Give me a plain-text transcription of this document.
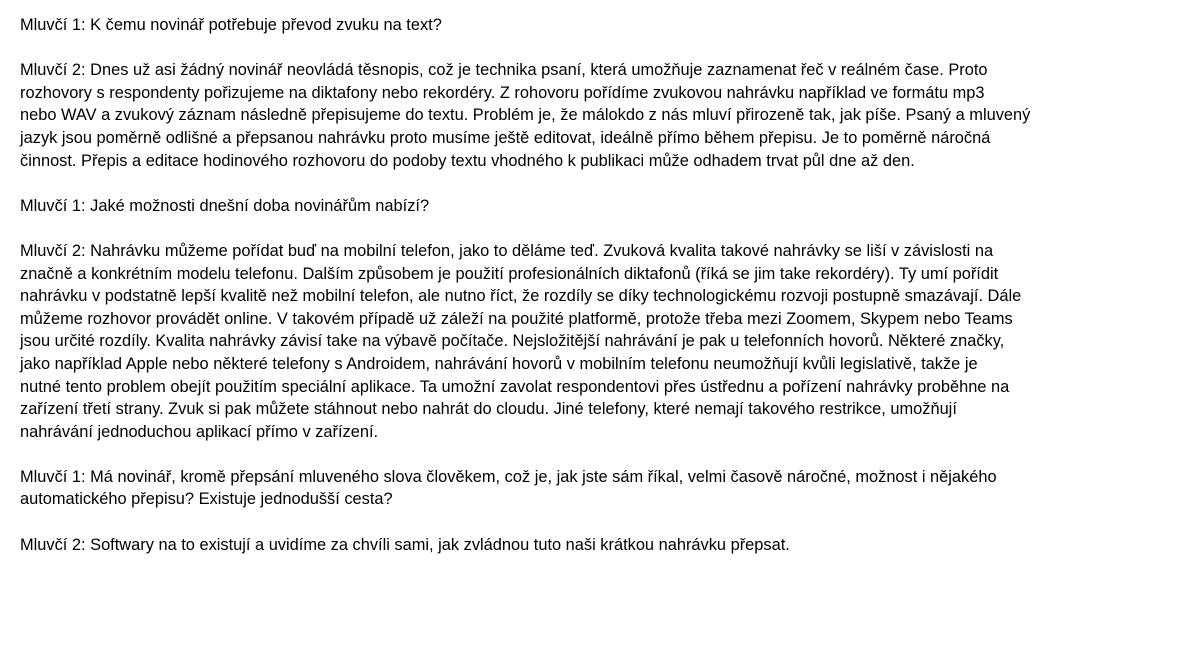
Mluvčí 1: K čemu novinář potřebuje převod zvuku na text?

Mluvčí 2: Dnes už asi žádný novinář neovládá těsnopis, což je technika psaní, která umožňuje zaznamenat řeč v reálném čase. Proto
rozhovory s respondenty pořizujeme na diktafony nebo rekordéry. Z rohovoru pořídíme zvukovou nahrávku například ve formátu mp3
nebo WAV a zvukový záznam následně přepisujeme do textu. Problém je, že málokdo z nás mluví přirozeně tak, jak píše. Psaný a mluvený
jazyk jsou poměrně odlišné a přepsanou nahrávku proto musíme ještě editovat, ideálně přímo během přepisu. Je to poměrně náročná
činnost. Přepis a editace hodinového rozhovoru do podoby textu vhodného k publikaci může odhadem trvat půl dne až den.

Mluvčí 1: Jaké možnosti dnešní doba novinářům nabízí?

Mluvčí 2: Nahrávku můžeme pořídat buď na mobilní telefon, jako to děláme teď. Zvuková kvalita takové nahrávky se liší v závislosti na
značně a konkrétním modelu telefonu. Dalším způsobem je použití profesionálních diktafonů (říká se jim take rekordéry). Ty umí pořídit
nahrávku v podstatně lepší kvalitě než mobilní telefon, ale nutno říct, že rozdíly se díky technologickému rozvoji postupně smazávají. Dále
můžeme rozhovor provádět online. V takovém případě už záleží na použité platformě, protože třeba mezi Zoomem, Skypem nebo Teams
jsou určité rozdíly. Kvalita nahrávky závisí take na výbavě počítače. Nejsložitější nahrávání je pak u telefonních hovorů. Některé značky,
jako například Apple nebo některé telefony s Androidem, nahrávání hovorů v mobilním telefonu neumožňují kvůli legislativě, takže je
nutné tento problem obejít použitím speciální aplikace. Ta umožní zavolat respondentovi přes ústřednu a pořízení nahrávky proběhne na
zařízení třetí strany. Zvuk si pak můžete stáhnout nebo nahrát do cloudu. Jiné telefony, které nemají takového restrikce, umožňují
nahrávání jednoduchou aplikací přímo v zařízení.

Mluvčí 1: Má novinář, kromě přepsání mluveného slova člověkem, což je, jak jste sám říkal, velmi časově náročné, možnost i nějakého
automatického přepisu? Existuje jednodušší cesta?

Mluvčí 2: Softwary na to existují a uvidíme za chvíli sami, jak zvládnou tuto naši krátkou nahrávku přepsat.
